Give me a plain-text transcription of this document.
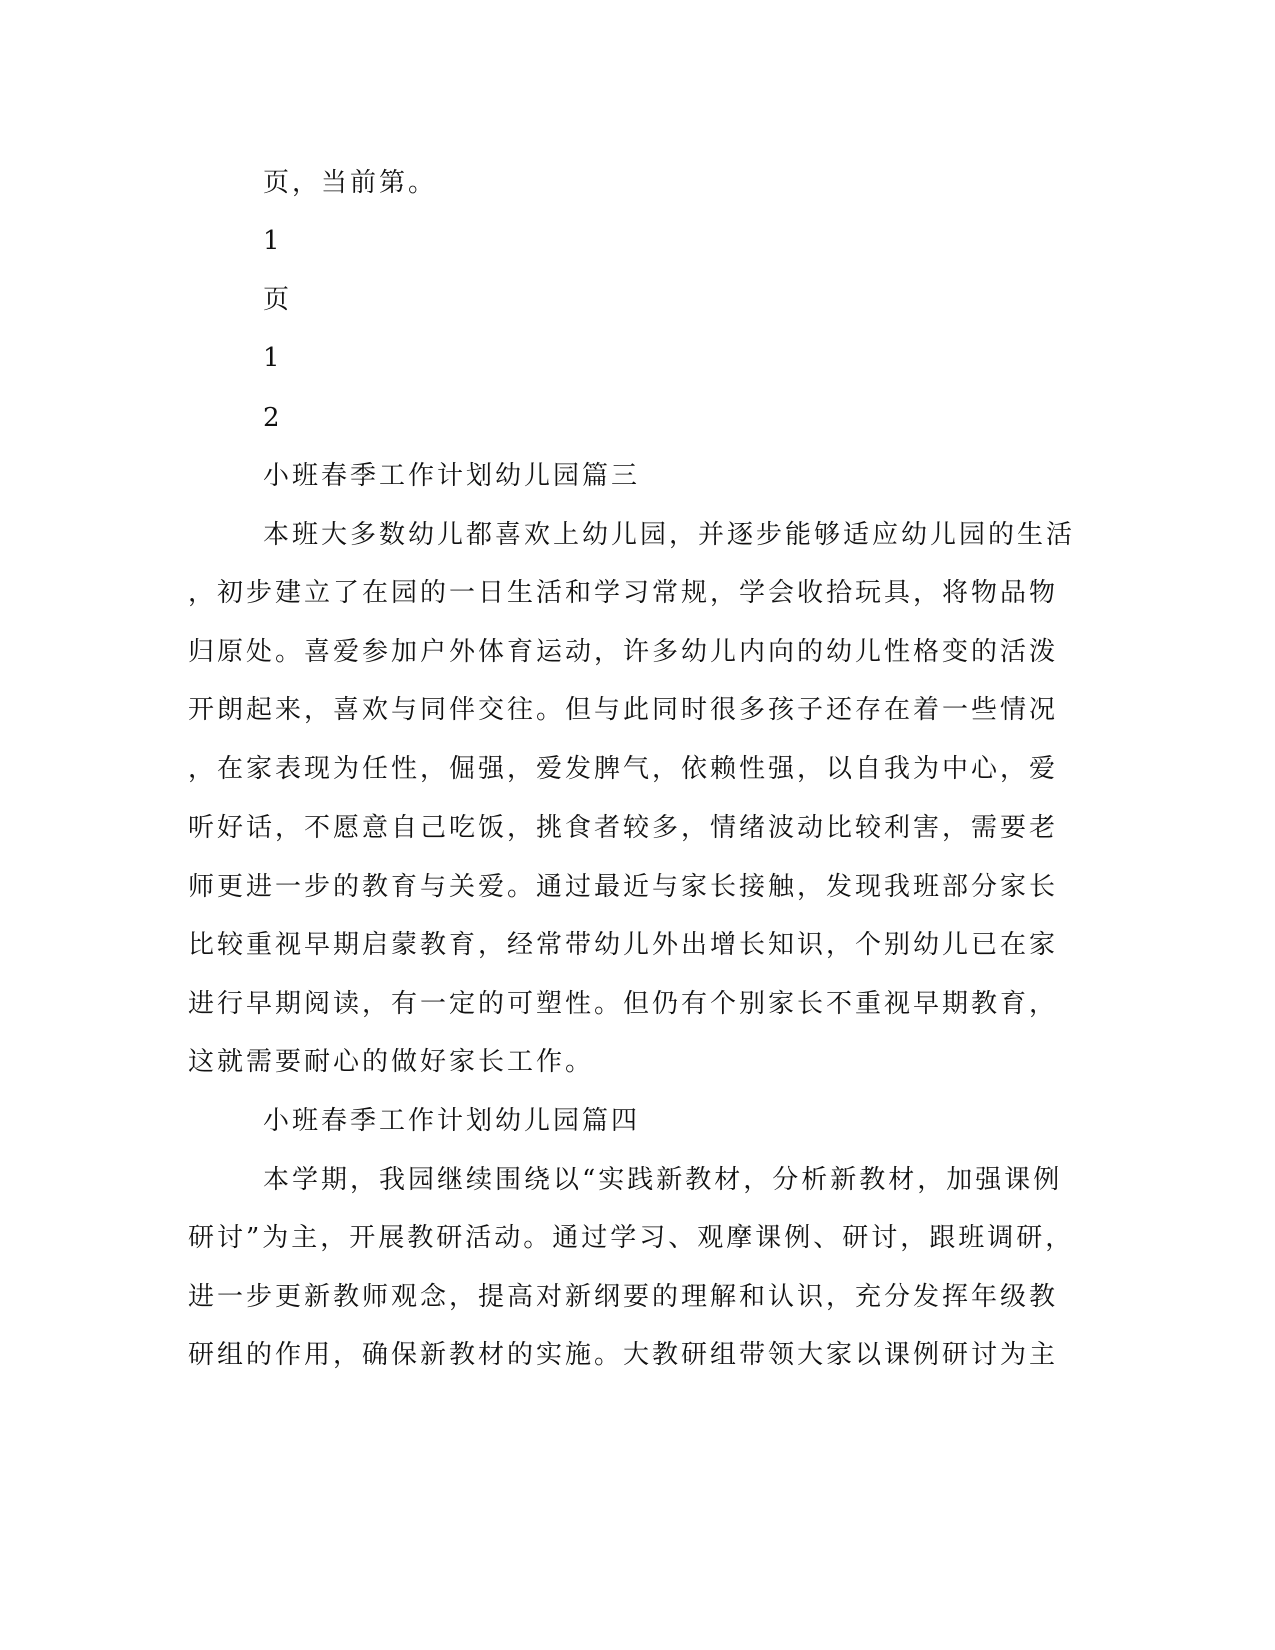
页，当前第。

1

页

1

2

小班春季工作计划幼儿园篇三

本班大多数幼儿都喜欢上幼儿园，并逐步能够适应幼儿园的生活

，初步建立了在园的一日生活和学习常规，学会收拾玩具，将物品物

归原处。喜爱参加户外体育运动，许多幼儿内向的幼儿性格变的活泼

开朗起来，喜欢与同伴交往。但与此同时很多孩子还存在着一些情况

，在家表现为任性，倔强，爱发脾气，依赖性强，以自我为中心，爱

听好话，不愿意自己吃饭，挑食者较多，情绪波动比较利害，需要老

师更进一步的教育与关爱。通过最近与家长接触，发现我班部分家长

比较重视早期启蒙教育，经常带幼儿外出增长知识，个别幼儿已在家

进行早期阅读，有一定的可塑性。但仍有个别家长不重视早期教育，

这就需要耐心的做好家长工作。

小班春季工作计划幼儿园篇四

本学期，我园继续围绕以“实践新教材，分析新教材，加强课例

研讨”为主，开展教研活动。通过学习、观摩课例、研讨，跟班调研，

进一步更新教师观念，提高对新纲要的理解和认识，充分发挥年级教

研组的作用，确保新教材的实施。大教研组带领大家以课例研讨为主
